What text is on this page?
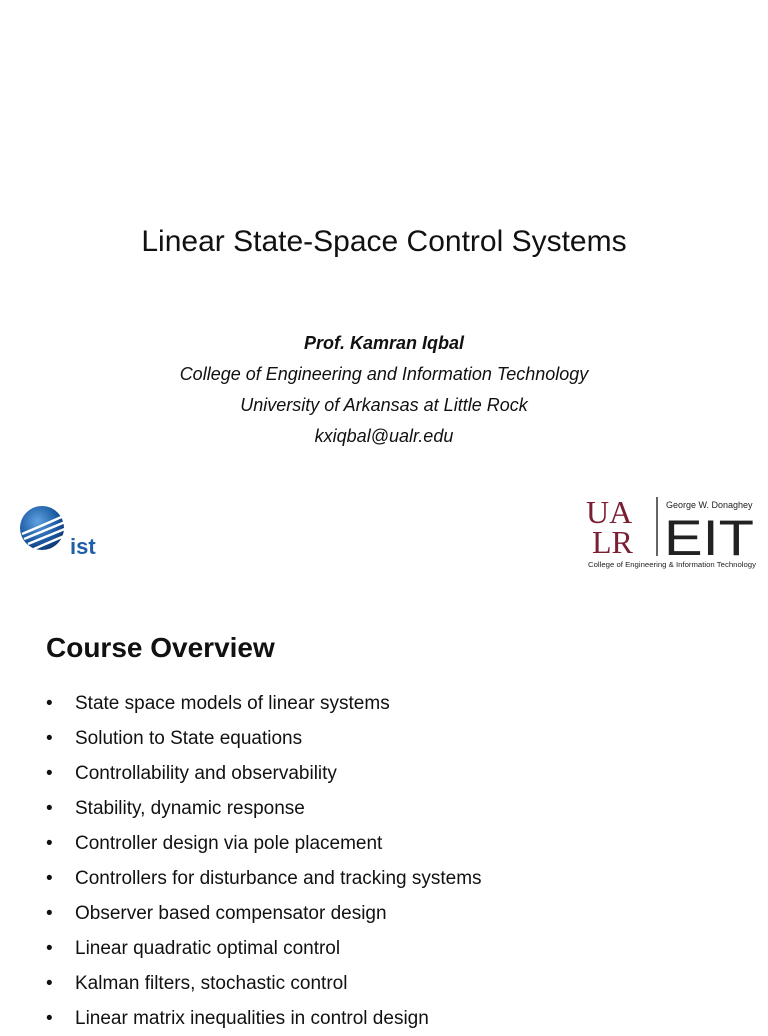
Linear State-Space Control Systems
Prof. Kamran Iqbal
College of Engineering and Information Technology
University of Arkansas at Little Rock
kxiqbal@ualr.edu
ist
UA
LR
George W. Donaghey
EIT
College of Engineering & Information Technology
Course Overview
• State space models of linear systems
• Solution to State equations
• Controllability and observability
• Stability, dynamic response
• Controller design via pole placement
• Controllers for disturbance and tracking systems
• Observer based compensator design
• Linear quadratic optimal control
• Kalman filters, stochastic control
• Linear matrix inequalities in control design
